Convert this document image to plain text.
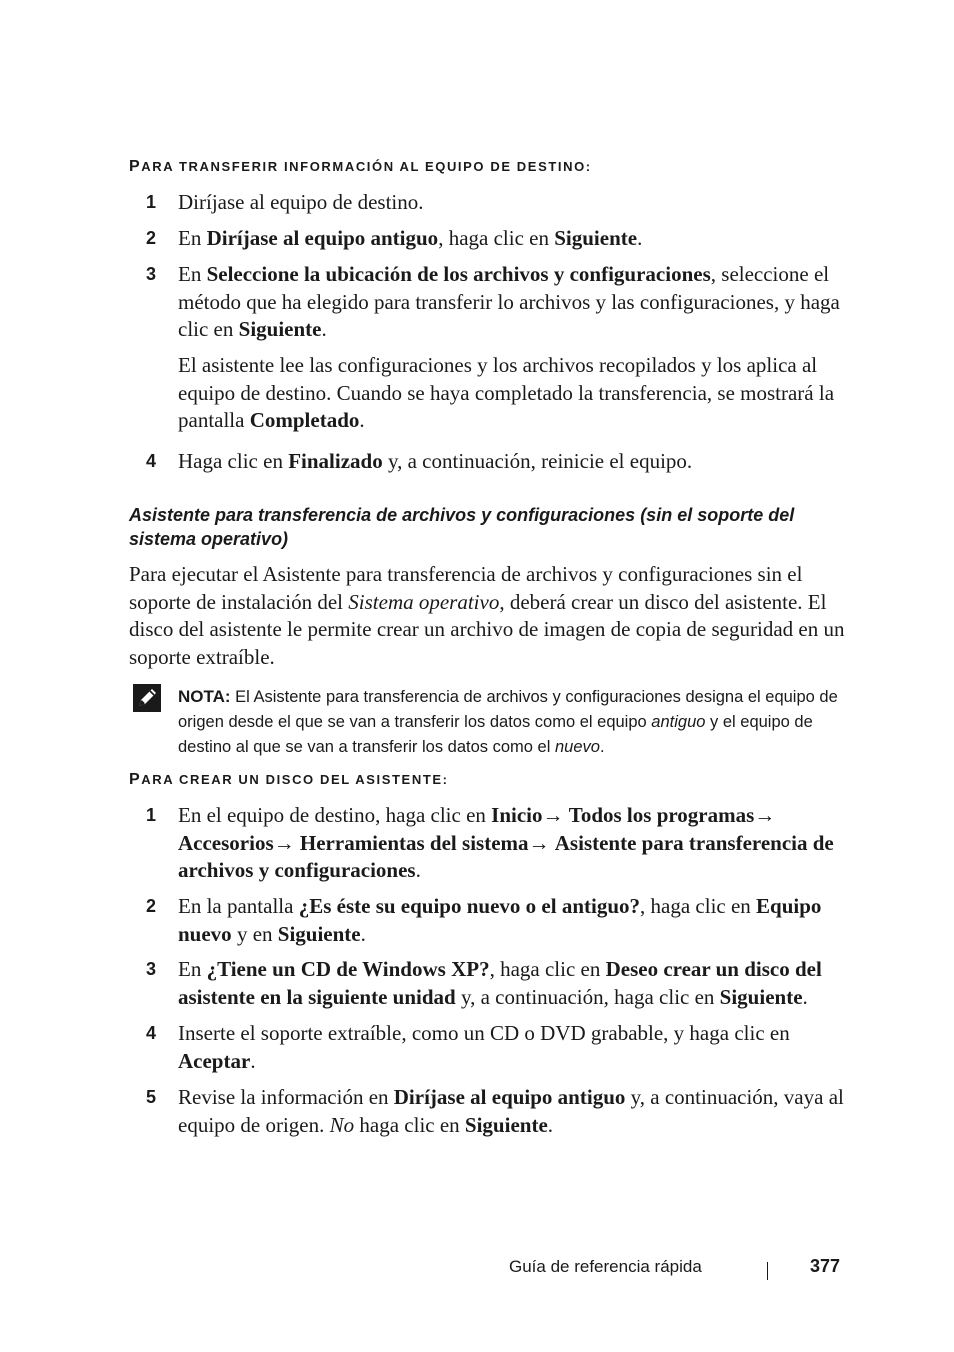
PARA TRANSFERIR INFORMACIÓN AL EQUIPO DE DESTINO:
1 Diríjase al equipo de destino.
2 En Diríjase al equipo antiguo, haga clic en Siguiente.
3 En Seleccione la ubicación de los archivos y configuraciones, seleccione el método que ha elegido para transferir lo archivos y las configuraciones, y haga clic en Siguiente.
El asistente lee las configuraciones y los archivos recopilados y los aplica al equipo de destino. Cuando se haya completado la transferencia, se mostrará la pantalla Completado.
4 Haga clic en Finalizado y, a continuación, reinicie el equipo.
Asistente para transferencia de archivos y configuraciones (sin el soporte del sistema operativo)
Para ejecutar el Asistente para transferencia de archivos y configuraciones sin el soporte de instalación del Sistema operativo, deberá crear un disco del asistente. El disco del asistente le permite crear un archivo de imagen de copia de seguridad en un soporte extraíble.
NOTA: El Asistente para transferencia de archivos y configuraciones designa el equipo de origen desde el que se van a transferir los datos como el equipo antiguo y el equipo de destino al que se van a transferir los datos como el nuevo.
PARA CREAR UN DISCO DEL ASISTENTE:
1 En el equipo de destino, haga clic en Inicio→ Todos los programas→ Accesorios→ Herramientas del sistema→ Asistente para transferencia de archivos y configuraciones.
2 En la pantalla ¿Es éste su equipo nuevo o el antiguo?, haga clic en Equipo nuevo y en Siguiente.
3 En ¿Tiene un CD de Windows XP?, haga clic en Deseo crear un disco del asistente en la siguiente unidad y, a continuación, haga clic en Siguiente.
4 Inserte el soporte extraíble, como un CD o DVD grabable, y haga clic en Aceptar.
5 Revise la información en Diríjase al equipo antiguo y, a continuación, vaya al equipo de origen. No haga clic en Siguiente.
Guía de referencia rápida	377
